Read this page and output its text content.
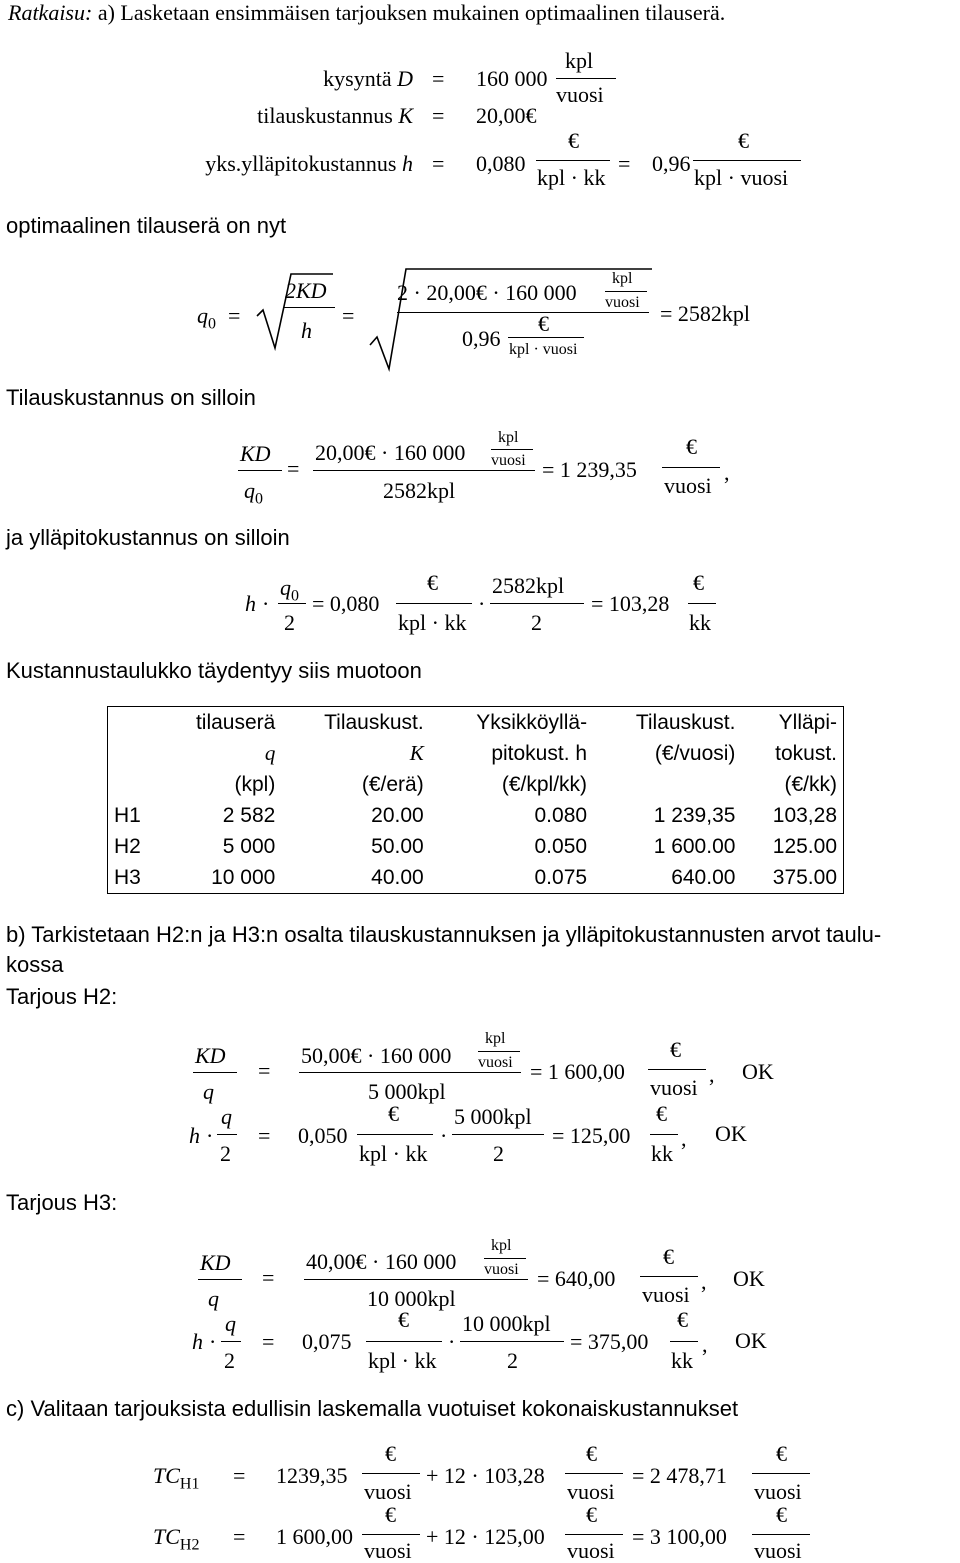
Ratkaisu: a) Lasketaan ensimmäisen tarjouksen mukainen optimaalinen tilauserä.
kysyntä D = 160 000
kpl
vuosi
tilauskustannus K = 20,00€
yks.ylläpitokustannus h = 0,080
€
kpl · kk
= 0,96
€
kpl · vuosi
optimaalinen tilauserä on nyt
$q_0$ =
2KD
h
=
2 · 20,00€ · 160 000
kpl
vuosi
0,96
€
kpl · vuosi
= 2582kpl
Tilauskustannus on silloin
KD
$q_0$
=
20,00€ · 160 000
kpl
vuosi
2582kpl
= 1 239,35
€
vuosi
,
ja ylläpitokustannus on silloin
h ·
$q_0$
2
= 0,080
€
kpl · kk
·
2582kpl
2
= 103,28
€
kk
Kustannustaulukko täydentyy siis muotoon
	tilauserä	Tilauskust.	Yksikköyllä-	Tilauskust.	Ylläpi-
	q	K	pitokust. h	(€/vuosi)	tokust.
	(kpl)	(€/erä)	(€/kpl/kk)		(€/kk)
H1	2 582	20.00	0.080	1 239,35	103,28
H2	5 000	50.00	0.050	1 600.00	125.00
H3	10 000	40.00	0.075	640.00	375.00
b) Tarkistetaan H2:n ja H3:n osalta tilauskustannuksen ja ylläpitokustannusten arvot taulu-
kossa
Tarjous H2:
KD
q
=
50,00€ · 160 000
kpl
vuosi
5 000kpl
= 1 600,00
€
vuosi
, OK
h ·
q
2
= 0,050
€
kpl · kk
·
5 000kpl
2
= 125,00
€
kk
, OK
Tarjous H3:
KD
q
=
40,00€ · 160 000
kpl
vuosi
10 000kpl
= 640,00
€
vuosi
, OK
h ·
q
2
= 0,075
€
kpl · kk
·
10 000kpl
2
= 375,00
€
kk
, OK
c) Valitaan tarjouksista edullisin laskemalla vuotuiset kokonaiskustannukset
$TC_{H1} = 1239,35$
€
vuosi
+ 12 · 103,28
€
vuosi
= 2 478,71
€
vuosi
$TC_{H2} = 1$ 600,00
€
vuosi
+ 12 · 125,00
€
vuosi
= 3 100,00
€
vuosi
